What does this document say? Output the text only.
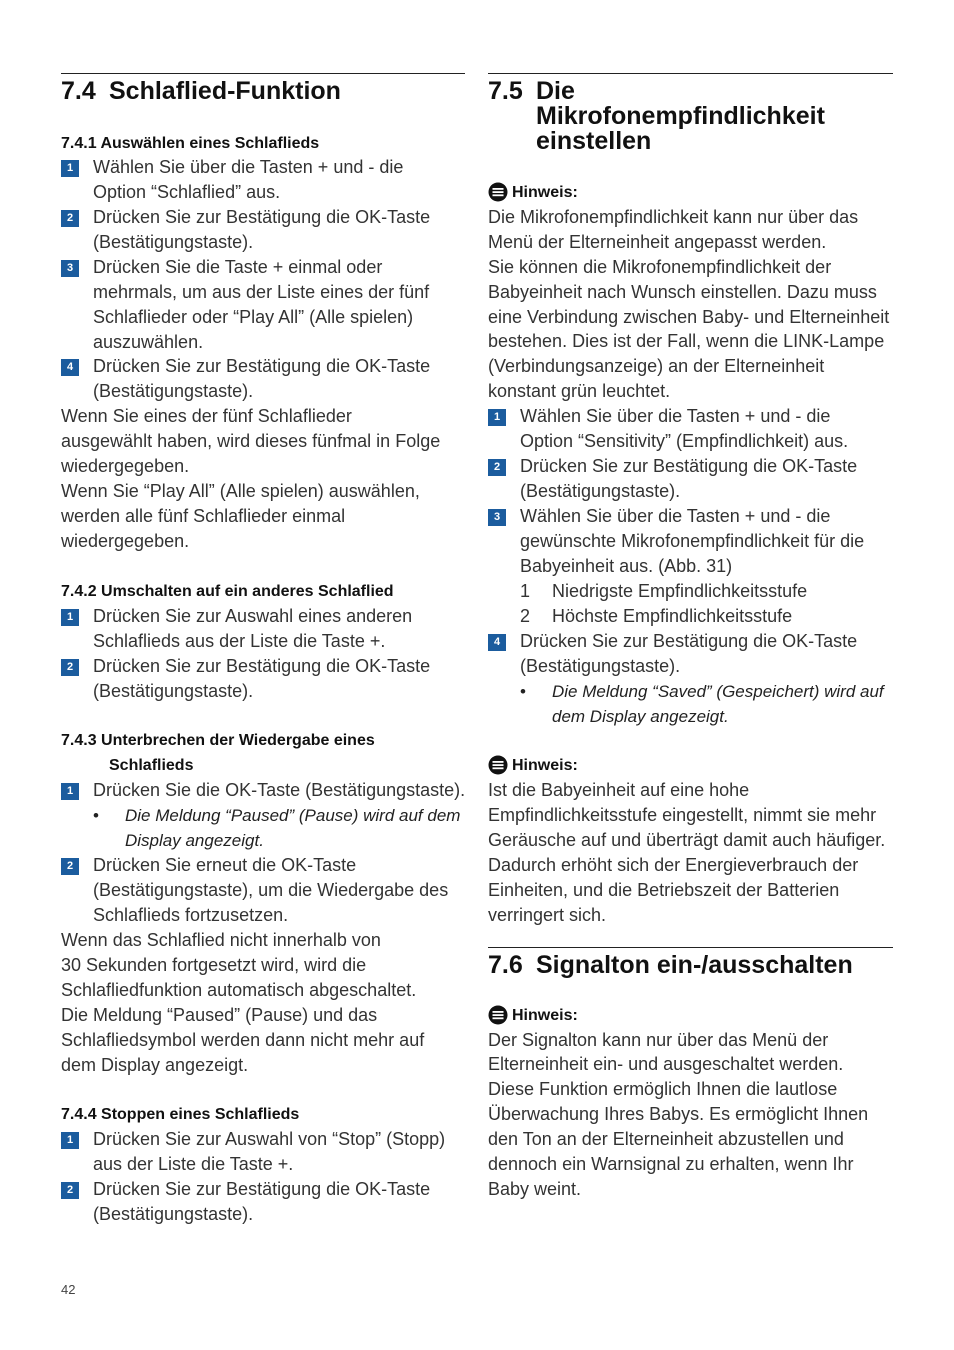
7.4 Schlaflied-Funktion
7.4.1 Auswählen eines Schlaflieds
1	Wählen Sie über die Tasten + und - die
Option “Schlaflied” aus.
2	Drücken Sie zur Bestätigung die OK-Taste
(Bestätigungstaste).
3	Drücken Sie die Taste + einmal oder
mehrmals, um aus der Liste eines der fünf
Schlaflieder oder “Play All” (Alle spielen)
auszuwählen.
4	Drücken Sie zur Bestätigung die OK-Taste
(Bestätigungstaste).
Wenn Sie eines der fünf Schlaflieder
ausgewählt haben, wird dieses fünfmal in Folge
wiedergegeben.
Wenn Sie “Play All” (Alle spielen) auswählen,
werden alle fünf Schlaflieder einmal
wiedergegeben.
7.4.2 Umschalten auf ein anderes Schlaflied
1	Drücken Sie zur Auswahl eines anderen
Schlaflieds aus der Liste die Taste +.
2	Drücken Sie zur Bestätigung die OK-Taste
(Bestätigungstaste).
7.4.3 Unterbrechen der Wiedergabe eines
Schlaflieds
1	Drücken Sie die OK-Taste (Bestätigungstaste).
• Die Meldung “Paused” (Pause) wird auf dem
Display angezeigt.
2	Drücken Sie erneut die OK-Taste
(Bestätigungstaste), um die Wiedergabe des
Schlaflieds fortzusetzen.
Wenn das Schlaflied nicht innerhalb von
30 Sekunden fortgesetzt wird, wird die
Schlafliedfunktion automatisch abgeschaltet.
Die Meldung “Paused” (Pause) und das
Schlafliedsymbol werden dann nicht mehr auf
dem Display angezeigt.
7.4.4 Stoppen eines Schlaflieds
1	Drücken Sie zur Auswahl von “Stop” (Stopp)
aus der Liste die Taste +.
2	Drücken Sie zur Bestätigung die OK-Taste
(Bestätigungstaste).
7.5 Die
Mikrofonempfindlichkeit
einstellen
Hinweis:
Die Mikrofonempfindlichkeit kann nur über das
Menü der Elterneinheit angepasst werden.
Sie können die Mikrofonempfindlichkeit der
Babyeinheit nach Wunsch einstellen. Dazu muss
eine Verbindung zwischen Baby- und Elterneinheit
bestehen. Dies ist der Fall, wenn die LINK-Lampe
(Verbindungsanzeige) an der Elterneinheit
konstant grün leuchtet.
1	Wählen Sie über die Tasten + und - die
Option “Sensitivity” (Empfindlichkeit) aus.
2	Drücken Sie zur Bestätigung die OK-Taste
(Bestätigungstaste).
3	Wählen Sie über die Tasten + und - die
gewünschte Mikrofonempfindlichkeit für die
Babyeinheit aus. (Abb. 31)
1 Niedrigste Empfindlichkeitsstufe
2 Höchste Empfindlichkeitsstufe
4	Drücken Sie zur Bestätigung die OK-Taste
(Bestätigungstaste).
• Die Meldung “Saved” (Gespeichert) wird auf
dem Display angezeigt.
Hinweis:
Ist die Babyeinheit auf eine hohe
Empfindlichkeitsstufe eingestellt, nimmt sie mehr
Geräusche auf und überträgt damit auch häufiger.
Dadurch erhöht sich der Energieverbrauch der
Einheiten, und die Betriebszeit der Batterien
verringert sich.
7.6 Signalton ein-/ausschalten
Hinweis:
Der Signalton kann nur über das Menü der
Elterneinheit ein- und ausgeschaltet werden.
Diese Funktion ermöglich Ihnen die lautlose
Überwachung Ihres Babys. Es ermöglicht Ihnen
den Ton an der Elterneinheit abzustellen und
dennoch ein Warnsignal zu erhalten, wenn Ihr
Baby weint.
42
